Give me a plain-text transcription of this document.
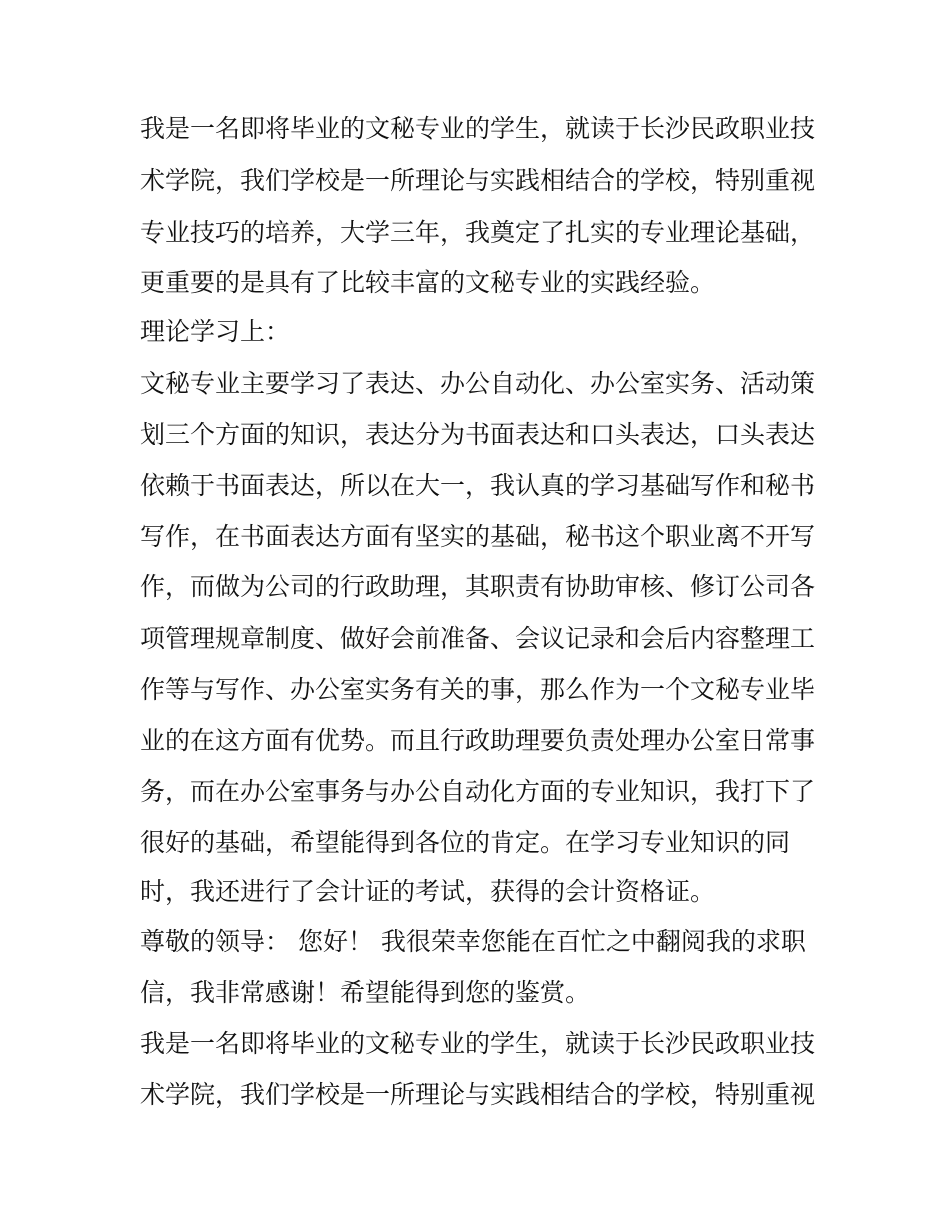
我是一名即将毕业的文秘专业的学生，就读于长沙民政职业技
术学院，我们学校是一所理论与实践相结合的学校，特别重视
专业技巧的培养，大学三年，我奠定了扎实的专业理论基础，
更重要的是具有了比较丰富的文秘专业的实践经验。
理论学习上：
文秘专业主要学习了表达、办公自动化、办公室实务、活动策
划三个方面的知识，表达分为书面表达和口头表达，口头表达
依赖于书面表达，所以在大一，我认真的学习基础写作和秘书
写作，在书面表达方面有坚实的基础，秘书这个职业离不开写
作，而做为公司的行政助理，其职责有协助审核、修订公司各
项管理规章制度、做好会前准备、会议记录和会后内容整理工
作等与写作、办公室实务有关的事，那么作为一个文秘专业毕
业的在这方面有优势。而且行政助理要负责处理办公室日常事
务，而在办公室事务与办公自动化方面的专业知识，我打下了
很好的基础，希望能得到各位的肯定。在学习专业知识的同
时，我还进行了会计证的考试，获得的会计资格证。
尊敬的领导： 您好！ 我很荣幸您能在百忙之中翻阅我的求职
信，我非常感谢！希望能得到您的鉴赏。
我是一名即将毕业的文秘专业的学生，就读于长沙民政职业技
术学院，我们学校是一所理论与实践相结合的学校，特别重视
